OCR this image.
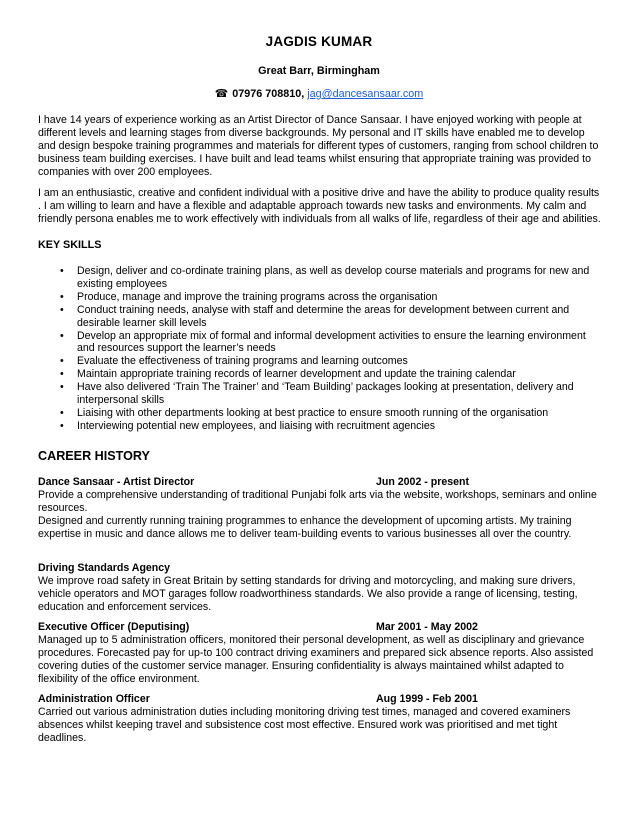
JAGDIS KUMAR
Great Barr, Birmingham
☎ 07976 708810, jag@dancesansaar.com

I have 14 years of experience working as an Artist Director of Dance Sansaar. I have enjoyed working with people at different levels and learning stages from diverse backgrounds. My personal and IT skills have enabled me to develop and design bespoke training programmes and materials for different types of customers, ranging from school children to business team building exercises. I have built and lead teams whilst ensuring that appropriate training was provided to companies with over 200 employees.

I am an enthusiastic, creative and confident individual with a positive drive and have the ability to produce quality results . I am willing to learn and have a flexible and adaptable approach towards new tasks and environments. My calm and friendly persona enables me to work effectively with individuals from all walks of life, regardless of their age and abilities.

KEY SKILLS
• Design, deliver and co-ordinate training plans, as well as develop course materials and programs for new and existing employees
• Produce, manage and improve the training programs across the organisation
• Conduct training needs, analyse with staff and determine the areas for development between current and desirable learner skill levels
• Develop an appropriate mix of formal and informal development activities to ensure the learning environment and resources support the learner’s needs
• Evaluate the effectiveness of training programs and learning outcomes
• Maintain appropriate training records of learner development and update the training calendar
• Have also delivered ‘Train The Trainer’ and ‘Team Building’ packages looking at presentation, delivery and interpersonal skills
• Liaising with other departments looking at best practice to ensure smooth running of the organisation
• Interviewing potential new employees, and liaising with recruitment agencies
CAREER HISTORY
Dance Sansaar - Artist Director	Jun 2002 - present

Provide a comprehensive understanding of traditional Punjabi folk arts via the website, workshops, seminars and online resources.

Designed and currently running training programmes to enhance the development of upcoming artists. My training expertise in music and dance allows me to deliver team-building events to various businesses all over the country.

Driving Standards Agency

We improve road safety in Great Britain by setting standards for driving and motorcycling, and making sure drivers, vehicle operators and MOT garages follow roadworthiness standards. We also provide a range of licensing, testing, education and enforcement services.

Executive Officer (Deputising)	Mar 2001 - May 2002

Managed up to 5 administration officers, monitored their personal development, as well as disciplinary and grievance procedures. Forecasted pay for up-to 100 contract driving examiners and prepared sick absence reports. Also assisted covering duties of the customer service manager. Ensuring confidentiality is always maintained whilst adapted to flexibility of the office environment.

Administration Officer	Aug 1999 - Feb 2001

Carried out various administration duties including monitoring driving test times, managed and covered examiners absences whilst keeping travel and subsistence cost most effective. Ensured work was prioritised and met tight deadlines.
